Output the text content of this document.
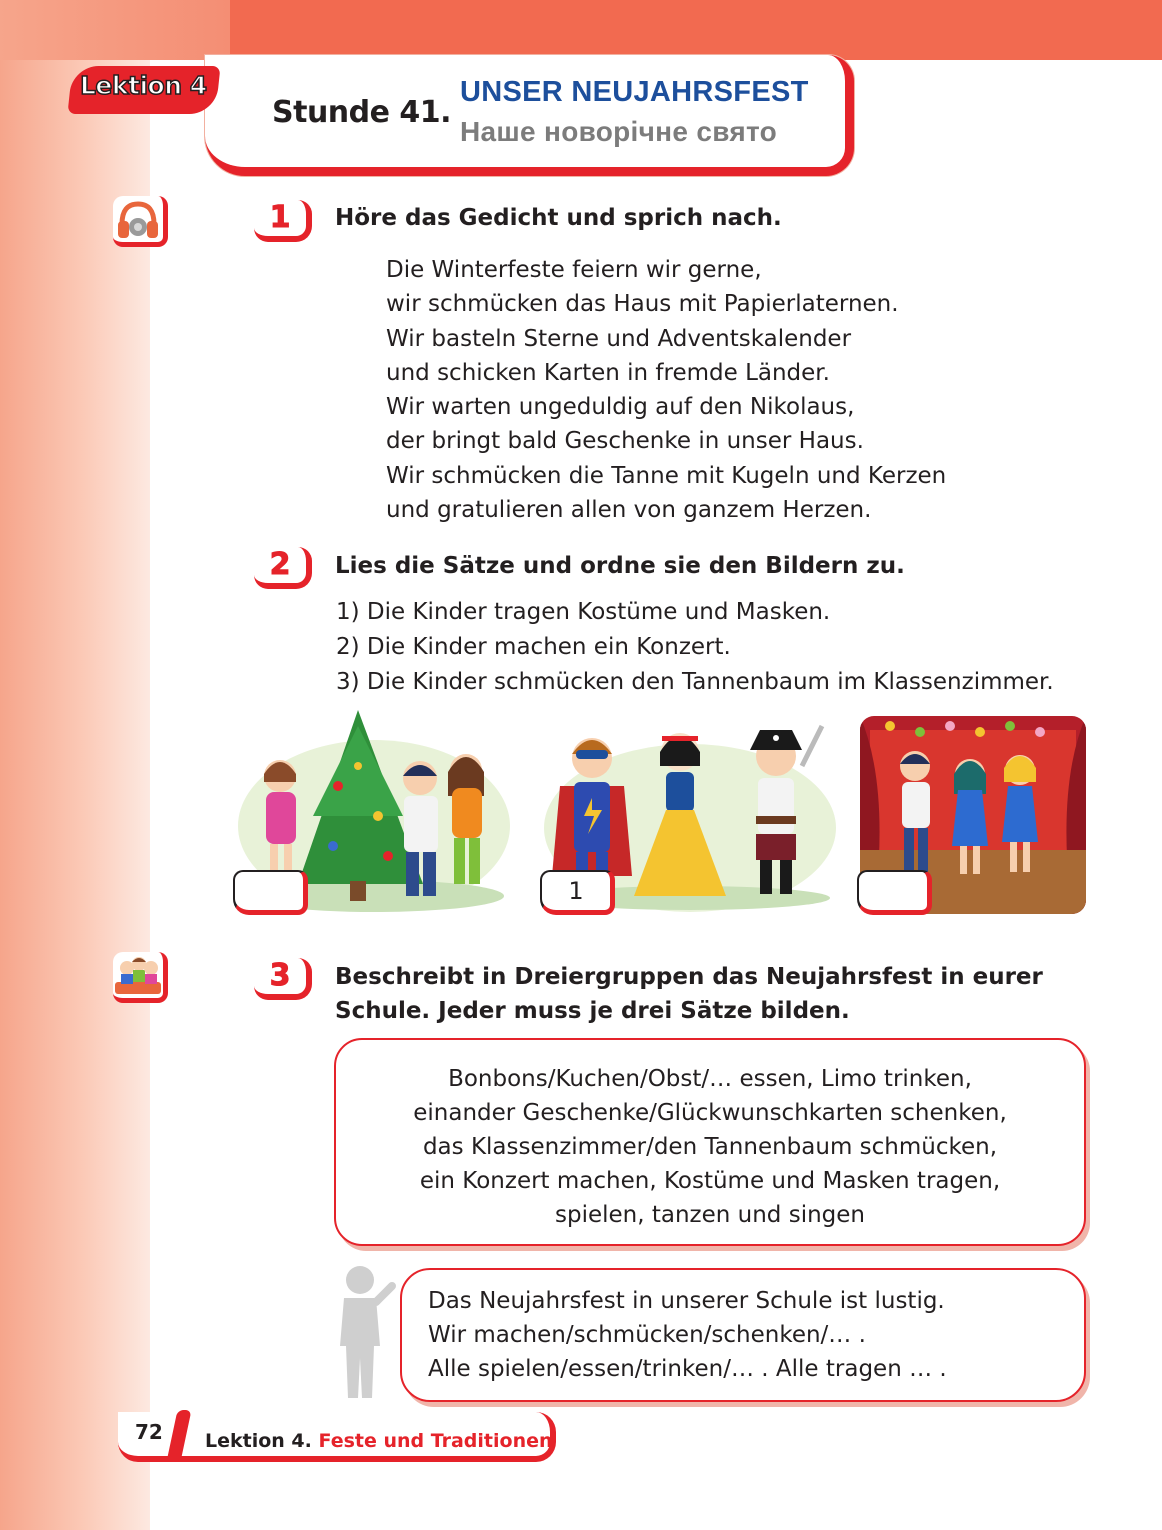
Lektion 4
Stunde 41.
UNSER NEUJAHRSFEST
Наше новорічне свято
1	Höre das Gedicht und sprich nach.
Die Winterfeste feiern wir gerne,
wir schmücken das Haus mit Papierlaternen.
Wir basteln Sterne und Adventskalender
und schicken Karten in fremde Länder.
Wir warten ungeduldig auf den Nikolaus,
der bringt bald Geschenke in unser Haus.
Wir schmücken die Tanne mit Kugeln und Kerzen
und gratulieren allen von ganzem Herzen.
2	Lies die Sätze und ordne sie den Bildern zu.
1) Die Kinder tragen Kostüme und Masken.
2) Die Kinder machen ein Konzert.
3) Die Kinder schmücken den Tannenbaum im Klassenzimmer.
1
3	Beschreibt in Dreiergruppen das Neujahrsfest in eurer
Schule. Jeder muss je drei Sätze bilden.
Bonbons/Kuchen/Obst/… essen, Limo trinken,
einander Geschenke/Glückwunschkarten schenken,
das Klassenzimmer/den Tannenbaum schmücken,
ein Konzert machen, Kostüme und Masken tragen,
spielen, tanzen und singen
Das Neujahrsfest in unserer Schule ist lustig.
Wir machen/schmücken/schenken/… .
Alle spielen/essen/trinken/… . Alle tragen … .
72 Lektion 4. Feste und Traditionen
